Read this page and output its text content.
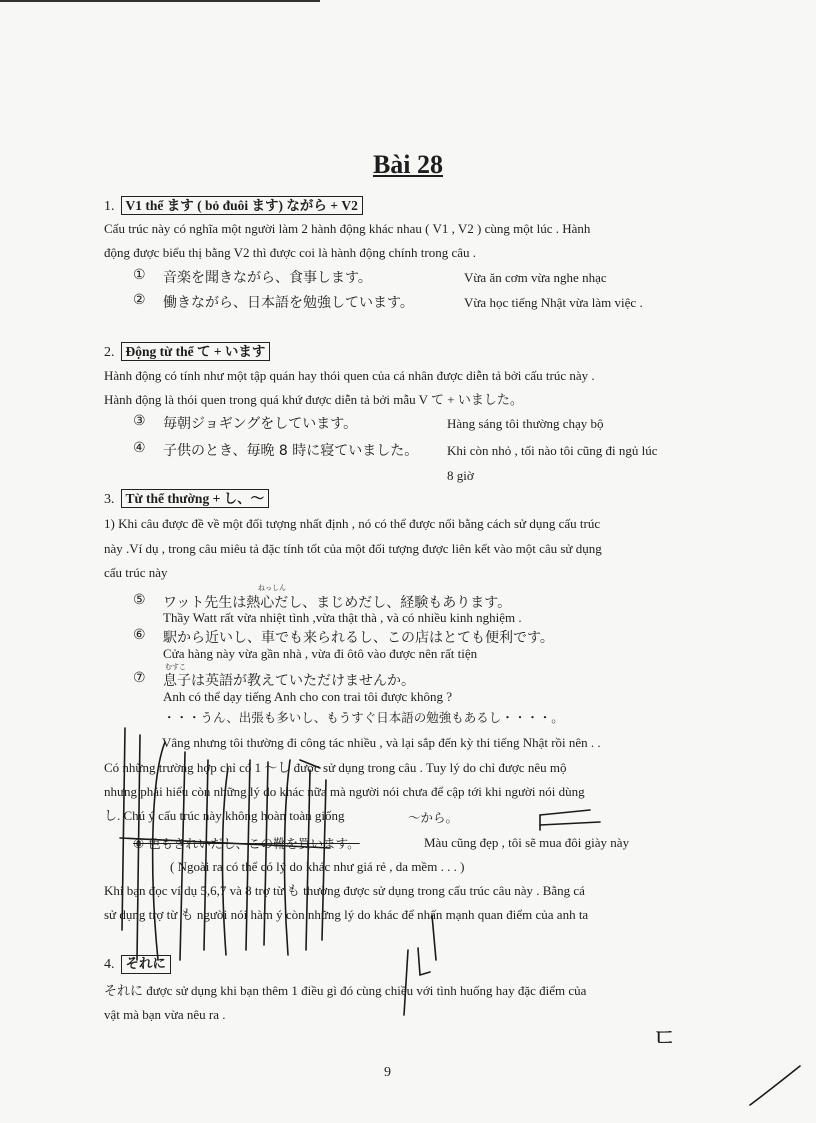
Bài 28
1. V1 thể ます ( bỏ đuôi ます) ながら + V2
Cấu trúc này có nghĩa một người làm 2 hành động khác nhau ( V1 , V2 ) cùng một lúc . Hành
động được biểu thị bằng V2 thì được coi là hành động chính trong câu .
① 音楽を聞きながら、食事します。	Vừa ăn cơm vừa nghe nhạc
② 働きながら、日本語を勉強しています。	Vừa học tiếng Nhật vừa làm việc .
2. Động từ thể て + います
Hành động có tính như một tập quán hay thói quen của cá nhân được diễn tả bởi cấu trúc này .
Hành động là thói quen trong quá khứ được diễn tả bởi mẫu V て + いました。
③ 毎朝ジョギングをしています。	Hàng sáng tôi thường chạy bộ
④ 子供のとき、毎晩 8 時に寝ていました。 Khi còn nhỏ , tối nào tôi cũng đi ngủ lúc
8 giờ
3. Từ thể thường + し、～
1) Khi câu được đề về một đối tượng nhất định , nó có thể được nối bằng cách sử dụng cấu trúc
này .Ví dụ , trong câu miêu tả đặc tính tốt của một đối tượng được liên kết vào một câu sử dụng
cấu trúc này
ねっしん
⑤ ワット先生は熱心だし、まじめだし、経験もあります。
Thầy Watt rất vừa nhiệt tình ,vừa thật thà , và có nhiều kinh nghiệm .
⑥ 駅から近いし、車でも来られるし、この店はとても便利です。
Cửa hàng này vừa gần nhà , vừa đi ôtô vào được nên rất tiện
むすこ
⑦ 息子は英語が教えていただけませんか。
Anh có thể dạy tiếng Anh cho con trai tôi được không ?
・・・うん、出張も多いし、もうすぐ日本語の勉強もあるし・・・・。
Vâng nhưng tôi thường đi công tác nhiều , và lại sắp đến kỳ thi tiếng Nhật rồi nên . .
Có những trường hợp chỉ có 1 ～し được sử dụng trong câu . Tuy lý do chỉ được nêu mộ
nhưng phải hiểu còn những lý do khác nữa mà người nói chưa để cập tới khi người nói dùng
し. Chú ý cấu trúc này không hoàn toàn giống	～から。
⑧ 色もきれいだし、この靴を買います。	Màu cũng đẹp , tôi sẽ mua đôi giày này
( Ngoài ra có thể có lý do khác như giá rẻ , da mềm . . . )
Khi bạn đọc ví dụ 5,6,7 và 8 trợ từ も thường được sử dụng trong cấu trúc câu này . Bằng cá
sử dụng trợ từ も người nói hàm ý còn những lý do khác để nhấn mạnh quan điểm của anh ta
4. それに
それに được sử dụng khi bạn thêm 1 điều gì đó cùng chiều với tình huống hay đặc điểm của
vật mà bạn vừa nêu ra .
9
ㄷ
